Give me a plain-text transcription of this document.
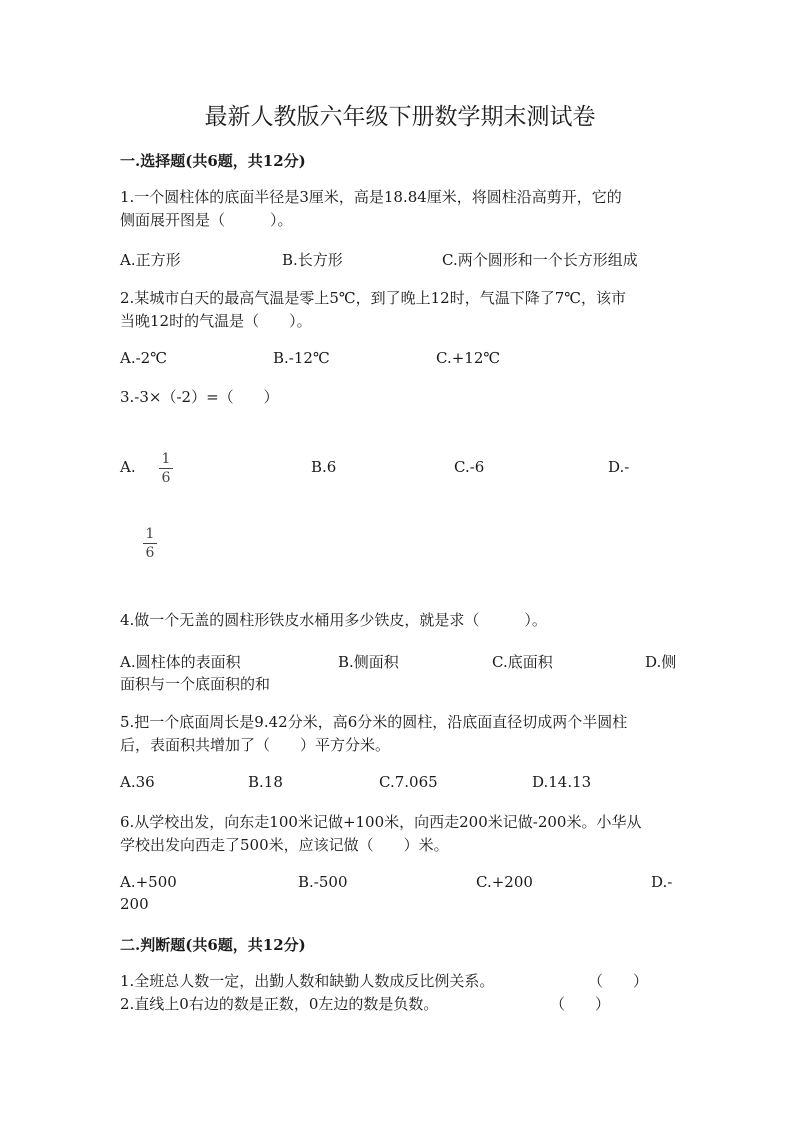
最新人教版六年级下册数学期末测试卷
一.选择题(共6题，共12分)
1.一个圆柱体的底面半径是3厘米，高是18.84厘米，将圆柱沿高剪开，它的
侧面展开图是（　　　）。
A.正方形	B.长方形	C.两个圆形和一个长方形组成
2.某城市白天的最高气温是零上5℃，到了晚上12时，气温下降了7℃，该市
当晚12时的气温是（　　）。
A.-2℃	B.-12℃	C.+12℃
3.-3×（-2）=（　　）
A. 1
6
B.6	C.-6	D.-
1
6
4.做一个无盖的圆柱形铁皮水桶用多少铁皮，就是求（　　　）。
A.圆柱体的表面积	B.侧面积	C.底面积	D.侧
面积与一个底面积的和
5.把一个底面周长是9.42分米，高6分米的圆柱，沿底面直径切成两个半圆柱
后，表面积共增加了（　　）平方分米。
A.36	B.18	C.7.065	D.14.13
6.从学校出发，向东走100米记做+100米，向西走200米记做-200米。小华从
学校出发向西走了500米，应该记做（　　）米。
A.+500	B.-500	C.+200	D.-
200
二.判断题(共6题，共12分)
1.全班总人数一定，出勤人数和缺勤人数成反比例关系。	（　　）
2.直线上0右边的数是正数，0左边的数是负数。	（　　）
